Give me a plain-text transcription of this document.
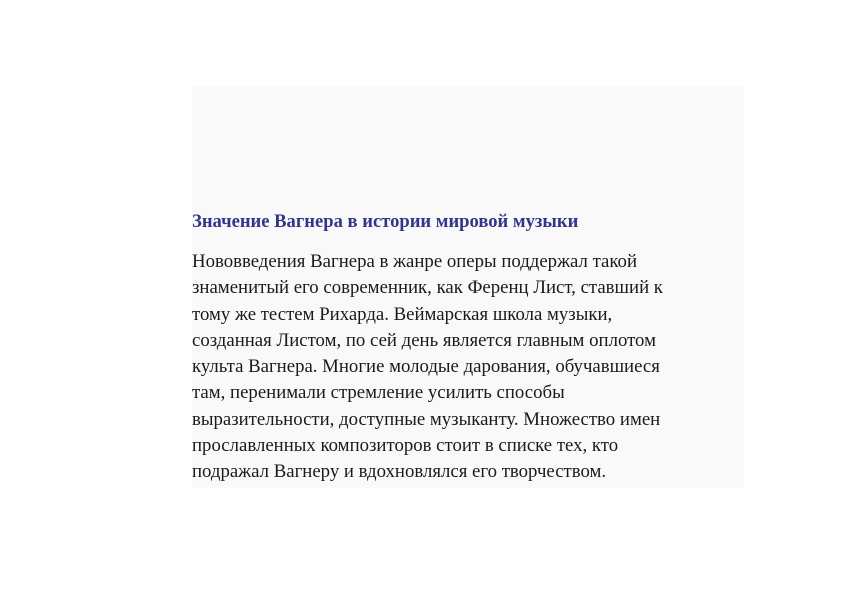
Значение Вагнера в истории мировой музыки

Нововведения Вагнера в жанре оперы поддержал такой
знаменитый его современник, как Ференц Лист, ставший к
тому же тестем Рихарда. Веймарская школа музыки,
созданная Листом, по сей день является главным оплотом
культа Вагнера. Многие молодые дарования, обучавшиеся
там, перенимали стремление усилить способы
выразительности, доступные музыканту. Множество имен
прославленных композиторов стоит в списке тех, кто
подражал Вагнеру и вдохновлялся его творчеством.
